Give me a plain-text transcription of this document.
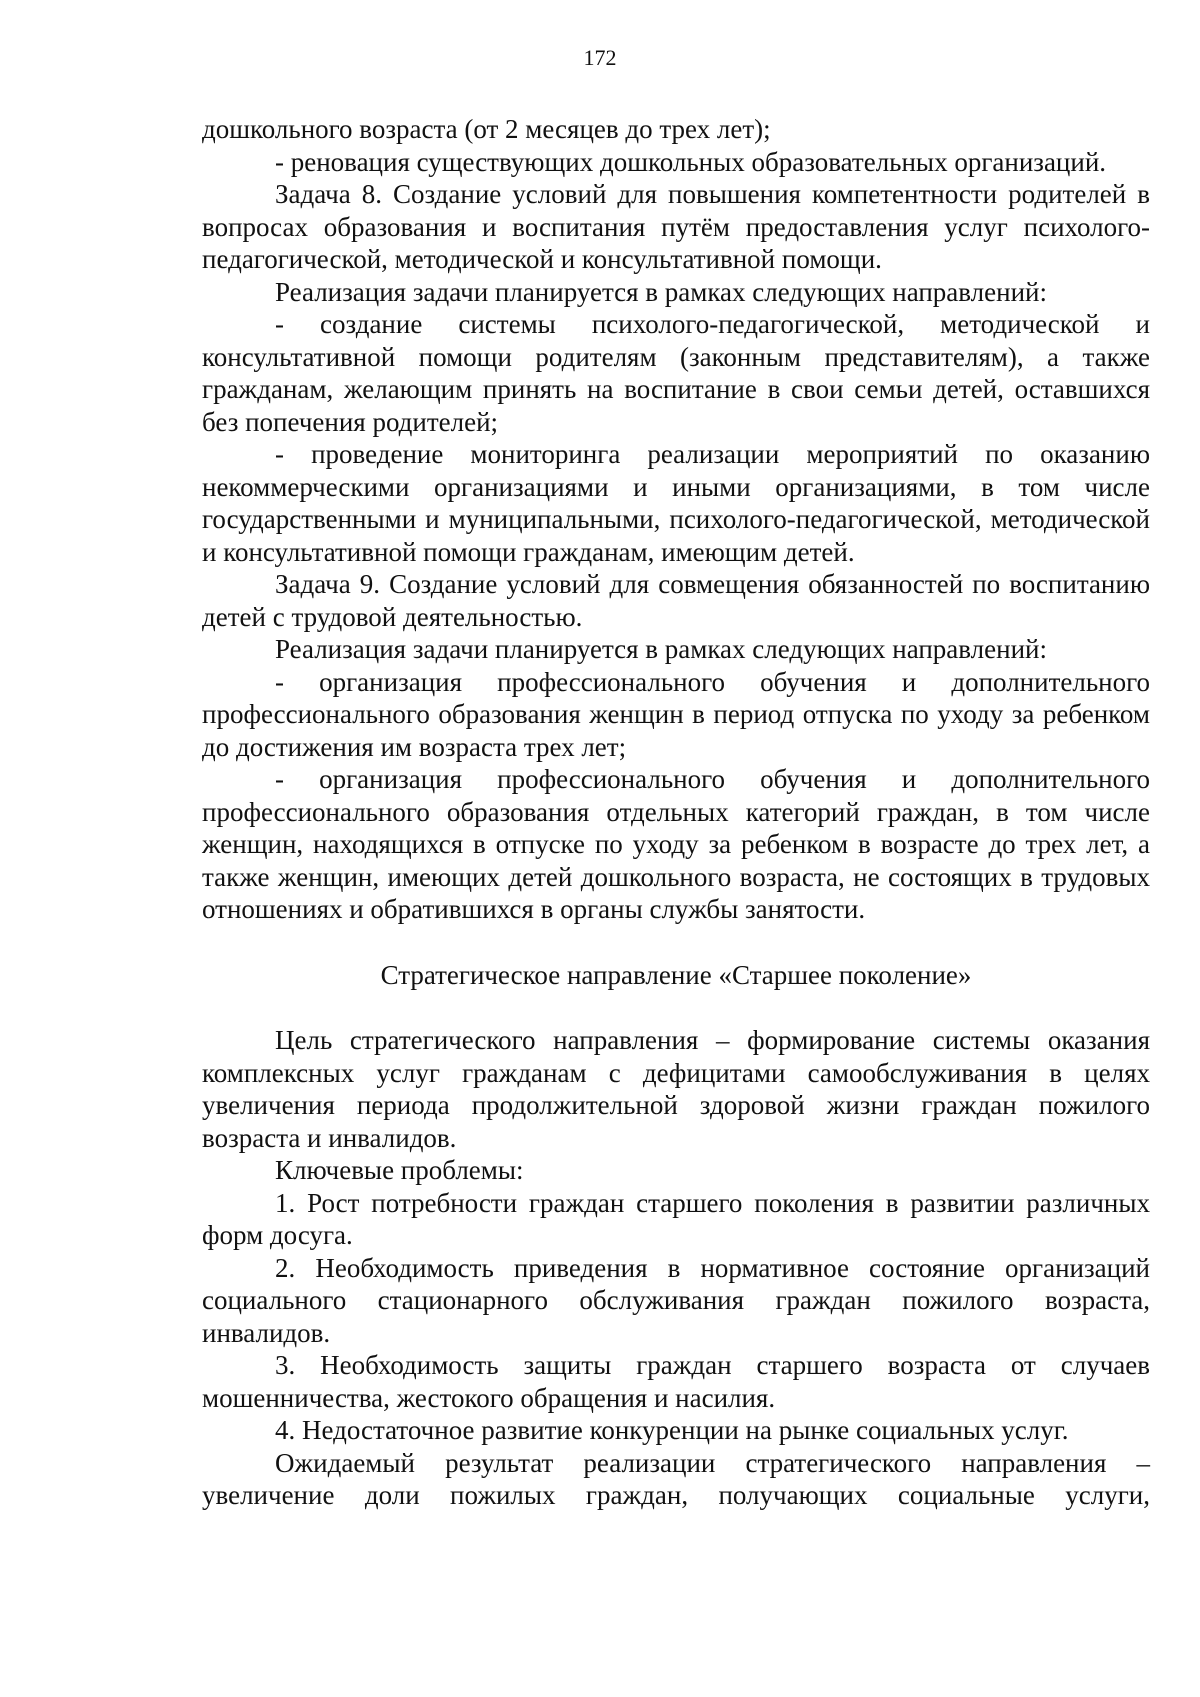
172

дошкольного возраста (от 2 месяцев до трех лет);

- реновация существующих дошкольных образовательных организаций.

Задача 8. Создание условий для повышения компетентности родителей в вопросах образования и воспитания путём предоставления услуг психолого-педагогической, методической и консультативной помощи.

Реализация задачи планируется в рамках следующих направлений:

- создание системы психолого-педагогической, методической и консультативной помощи родителям (законным представителям), а также гражданам, желающим принять на воспитание в свои семьи детей, оставшихся без попечения родителей;

- проведение мониторинга реализации мероприятий по оказанию некоммерческими организациями и иными организациями, в том числе государственными и муниципальными, психолого-педагогической, методической и консультативной помощи гражданам, имеющим детей.

Задача 9. Создание условий для совмещения обязанностей по воспитанию детей с трудовой деятельностью.

Реализация задачи планируется в рамках следующих направлений:

- организация профессионального обучения и дополнительного профессионального образования женщин в период отпуска по уходу за ребенком до достижения им возраста трех лет;

- организация профессионального обучения и дополнительного профессионального образования отдельных категорий граждан, в том числе женщин, находящихся в отпуске по уходу за ребенком в возрасте до трех лет, а также женщин, имеющих детей дошкольного возраста, не состоящих в трудовых отношениях и обратившихся в органы службы занятости.

Стратегическое направление «Старшее поколение»

Цель стратегического направления – формирование системы оказания комплексных услуг гражданам с дефицитами самообслуживания в целях увеличения периода продолжительной здоровой жизни граждан пожилого возраста и инвалидов.

Ключевые проблемы:

1. Рост потребности граждан старшего поколения в развитии различных форм досуга.

2. Необходимость приведения в нормативное состояние организаций социального стационарного обслуживания граждан пожилого возраста, инвалидов.

3. Необходимость защиты граждан старшего возраста от случаев мошенничества, жестокого обращения и насилия.

4. Недостаточное развитие конкуренции на рынке социальных услуг.

Ожидаемый результат реализации стратегического направления – увеличение доли пожилых граждан, получающих социальные услуги,
